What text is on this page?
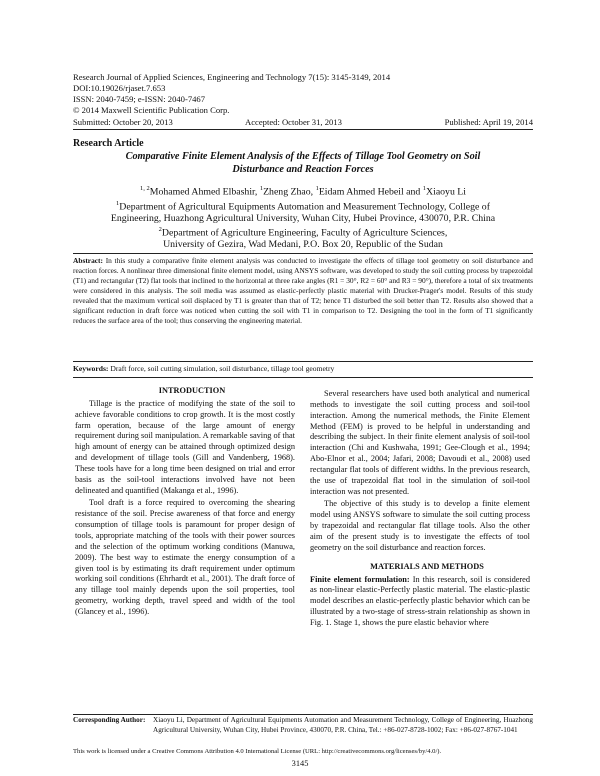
Research Journal of Applied Sciences, Engineering and Technology 7(15): 3145-3149, 2014
DOI:10.19026/rjaset.7.653
ISSN: 2040-7459; e-ISSN: 2040-7467
© 2014 Maxwell Scientific Publication Corp.
Submitted: October 20, 2013	Accepted: October 31, 2013	Published: April 19, 2014
Research Article
Comparative Finite Element Analysis of the Effects of Tillage Tool Geometry on Soil
Disturbance and Reaction Forces
$^{1, 2}$Mohamed Ahmed Elbashir, $^1$Zheng Zhao, $^1$Eidam Ahmed Hebeil and $^1$Xiaoyu Li
$^1$Department of Agricultural Equipments Automation and Measurement Technology, College of
Engineering, Huazhong Agricultural University, Wuhan City, Hubei Province, 430070, P.R. China
$^2$Department of Agriculture Engineering, Faculty of Agriculture Sciences,
University of Gezira, Wad Medani, P.O. Box 20, Republic of the Sudan
Abstract: In this study a comparative finite element analysis was conducted to investigate the effects of tillage tool geometry on soil disturbance and reaction forces. A nonlinear three dimensional finite element model, using ANSYS software, was developed to study the soil cutting process by trapezoidal (T1) and rectangular (T2) flat tools that inclined to the horizontal at three rake angles (R1 = 30°, R2 = 60° and R3 = 90°), therefore a total of six treatments were considered in this analysis. The soil media was assumed as elastic-perfectly plastic material with Drucker-Prager's model. Results of this study revealed that the maximum vertical soil displaced by T1 is greater than that of T2; hence T1 disturbed the soil better than T2. Results also showed that a significant reduction in draft force was noticed when cutting the soil with T1 in comparison to T2. Designing the tool in the form of T1 significantly reduces the surface area of the tool; thus conserving the engineering material.
Keywords: Draft force, soil cutting simulation, soil disturbance, tillage tool geometry

INTRODUCTION

Tillage is the practice of modifying the state of the soil to achieve favorable conditions to crop growth. It is the most costly farm operation, because of the large amount of energy requirement during soil manipulation. A remarkable saving of that high amount of energy can be attained through optimized design and development of tillage tools (Gill and Vandenberg, 1968). These tools have for a long time been designed on trial and error basis as the soil-tool interactions involved have not been delineated and quantified (Makanga et al., 1996).

Tool draft is a force required to overcoming the shearing resistance of the soil. Precise awareness of that force and energy consumption of tillage tools is paramount for proper design of tools, appropriate matching of the tools with their power sources and the selection of the optimum working conditions (Manuwa, 2009). The best way to estimate the energy consumption of a given tool is by estimating its draft requirement under optimum working soil conditions (Ehrhardt et al., 2001). The draft force of any tillage tool mainly depends upon the soil properties, tool geometry, working depth, travel speed and width of the tool (Glancey et al., 1996).

Several researchers have used both analytical and numerical methods to investigate the soil cutting process and soil-tool interaction. Among the numerical methods, the Finite Element Method (FEM) is proved to be helpful in understanding and describing the subject. In their finite element analysis of soil-tool interaction (Chi and Kushwaha, 1991; Gee-Clough et al., 1994; Abo-Elnor et al., 2004; Jafari, 2008; Davoudi et al., 2008) used rectangular flat tools of different widths. In the previous research, the use of trapezoidal flat tool in the simulation of soil-tool interaction was not presented.

The objective of this study is to develop a finite element model using ANSYS software to simulate the soil cutting process by trapezoidal and rectangular flat tillage tools. Also the other aim of the present study is to investigate the effects of tool geometry on the soil disturbance and reaction forces.

MATERIALS AND METHODS

Finite element formulation: In this research, soil is considered as non-linear elastic-Perfectly plastic material. The elastic-plastic model describes an elastic-perfectly plastic behavior which can be illustrated by a two-stage of stress-strain relationship as shown in Fig. 1. Stage 1, shows the pure elastic behavior where

Corresponding Author:	Xiaoyu Li, Department of Agricultural Equipments Automation and Measurement Technology, College of Engineering, Huazhong Agricultural University, Wuhan City, Hubei Province, 430070, P.R. China, Tel.: +86-027-8728-1002; Fax: +86-027-8767-1041
This work is licensed under a Creative Commons Attribution 4.0 International License (URL: http://creativecommons.org/licenses/by/4.0/).
3145
